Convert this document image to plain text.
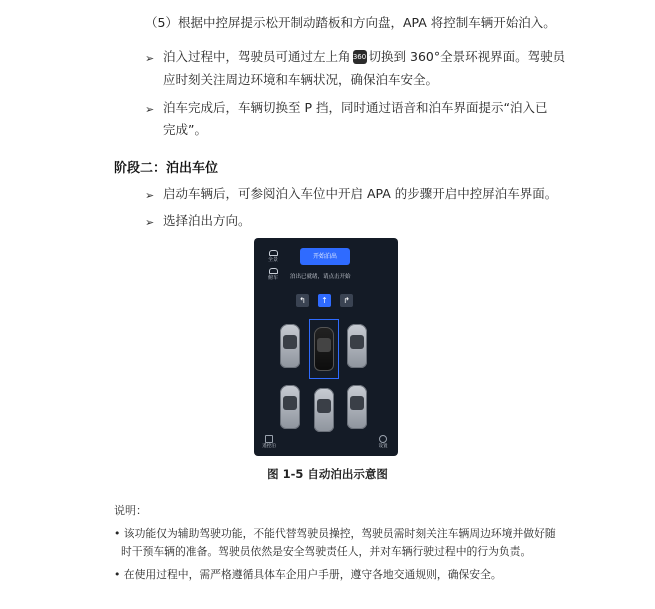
（5）根据中控屏提示松开制动踏板和方向盘，APA 将控制车辆开始泊入。
➢ 泊入过程中，驾驶员可通过左上角 360 切换到 360°全景环视界面。驾驶员
应时刻关注周边环境和车辆状况，确保泊车安全。
➢ 泊车完成后，车辆切换至 P 挡，同时通过语音和泊车界面提示“泊入已
完成”。
阶段二：泊出车位
➢ 启动车辆后，可参阅泊入车位中开启 APA 的步骤开启中控屏泊车界面。
➢ 选择泊出方向。
全景
俯车
开始泊出
泊出已就绪，请点击开始
↰	↑	↱
遥控泊	设置
图 1-5 自动泊出示意图
说明：
• 该功能仅为辅助驾驶功能，不能代替驾驶员操控，驾驶员需时刻关注车辆周边环境并做好随
时干预车辆的准备。驾驶员依然是安全驾驶责任人，并对车辆行驶过程中的行为负责。
• 在使用过程中，需严格遵循具体车企用户手册，遵守各地交通规则，确保安全。
